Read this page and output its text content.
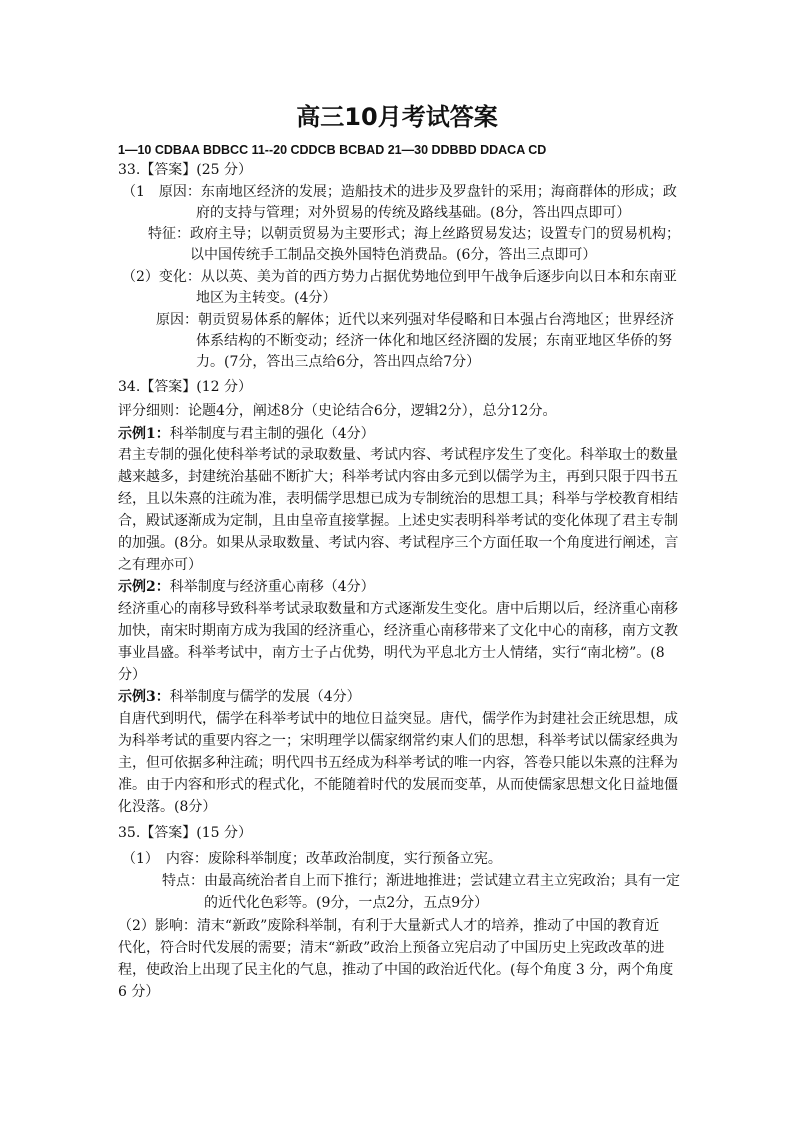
高三10月考试答案
1—10 CDBAA BDBCC 11--20 CDDCB BCBAD 21—30 DDBBD DDACA CD
33.【答案】(25 分）
（1　原因：东南地区经济的发展；造船技术的进步及罗盘针的采用；海商群体的形成；政
府的支持与管理；对外贸易的传统及路线基础。(8分，答出四点即可）
特征：政府主导；以朝贡贸易为主要形式；海上丝路贸易发达；设置专门的贸易机构；
以中国传统手工制品交换外国特色消费品。(6分，答出三点即可）
（2）变化：从以英、美为首的西方势力占据优势地位到甲午战争后逐步向以日本和东南亚
地区为主转变。(4分）
原因：朝贡贸易体系的解体；近代以来列强对华侵略和日本强占台湾地区；世界经济
体系结构的不断变动；经济一体化和地区经济圈的发展；东南亚地区华侨的努
力。(7分，答出三点给6分，答出四点给7分）
34.【答案】(12 分）
评分细则：论题4分，阐述8分（史论结合6分，逻辑2分），总分12分。
示例1：科举制度与君主制的强化（4分）
君主专制的强化使科举考试的录取数量、考试内容、考试程序发生了变化。科举取士的数量
越来越多，封建统治基础不断扩大；科举考试内容由多元到以儒学为主，再到只限于四书五
经，且以朱熹的注疏为准，表明儒学思想已成为专制统治的思想工具；科举与学校教育相结
合，殿试逐渐成为定制，且由皇帝直接掌握。上述史实表明科举考试的变化体现了君主专制
的加强。(8分。如果从录取数量、考试内容、考试程序三个方面任取一个角度进行阐述，言
之有理亦可）
示例2：科举制度与经济重心南移（4分）
经济重心的南移导致科举考试录取数量和方式逐渐发生变化。唐中后期以后，经济重心南移
加快，南宋时期南方成为我国的经济重心，经济重心南移带来了文化中心的南移，南方文教
事业昌盛。科举考试中，南方士子占优势，明代为平息北方士人情绪，实行“南北榜”。(8
分）
示例3：科举制度与儒学的发展（4分）
自唐代到明代，儒学在科举考试中的地位日益突显。唐代，儒学作为封建社会正统思想，成
为科举考试的重要内容之一；宋明理学以儒家纲常约束人们的思想，科举考试以儒家经典为
主，但可依据多种注疏；明代四书五经成为科举考试的唯一内容，答卷只能以朱熹的注释为
准。由于内容和形式的程式化，不能随着时代的发展而变革，从而使儒家思想文化日益地僵
化没落。(8分）
35.【答案】(15 分）
（1）　内容：废除科举制度；改革政治制度，实行预备立宪。
特点：由最高统治者自上而下推行；渐进地推进；尝试建立君主立宪政治；具有一定
的近代化色彩等。(9分，一点2分，五点9分）
（2）影响：清末“新政”废除科举制，有利于大量新式人才的培养，推动了中国的教育近
代化，符合时代发展的需要；清末“新政”政治上预备立宪启动了中国历史上宪政改革的进
程，使政治上出现了民主化的气息，推动了中国的政治近代化。(每个角度 3 分，两个角度
6 分）
